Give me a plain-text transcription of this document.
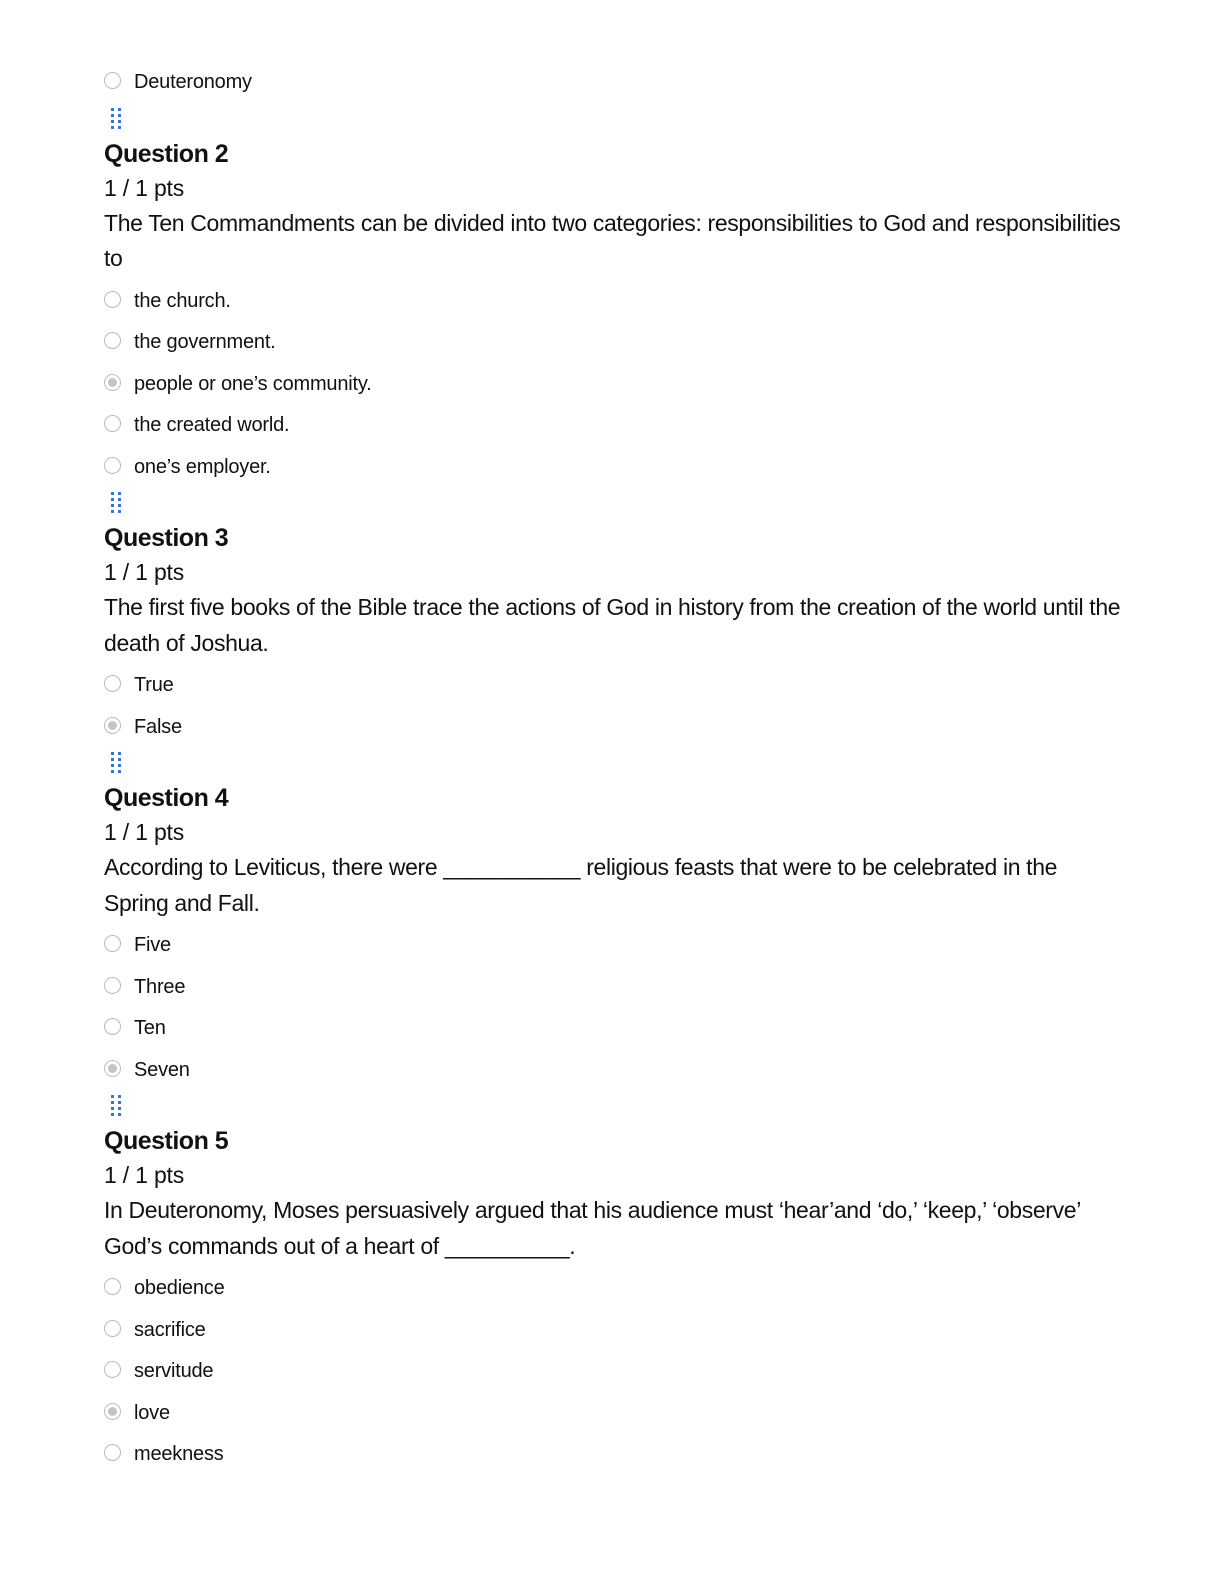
Deuteronomy
Question 2
1 / 1 pts
The Ten Commandments can be divided into two categories: responsibilities to God and responsibilities to
the church.
the government.
people or one’s community.
the created world.
one’s employer.
Question 3
1 / 1 pts
The first five books of the Bible trace the actions of God in history from the creation of the world until the death of Joshua.
True
False
Question 4
1 / 1 pts
According to Leviticus, there were ___________ religious feasts that were to be celebrated in the Spring and Fall.
Five
Three
Ten
Seven
Question 5
1 / 1 pts
In Deuteronomy, Moses persuasively argued that his audience must ‘hear’and ‘do,’ ‘keep,’ ‘observe’ God’s commands out of a heart of __________.
obedience
sacrifice
servitude
love
meekness
